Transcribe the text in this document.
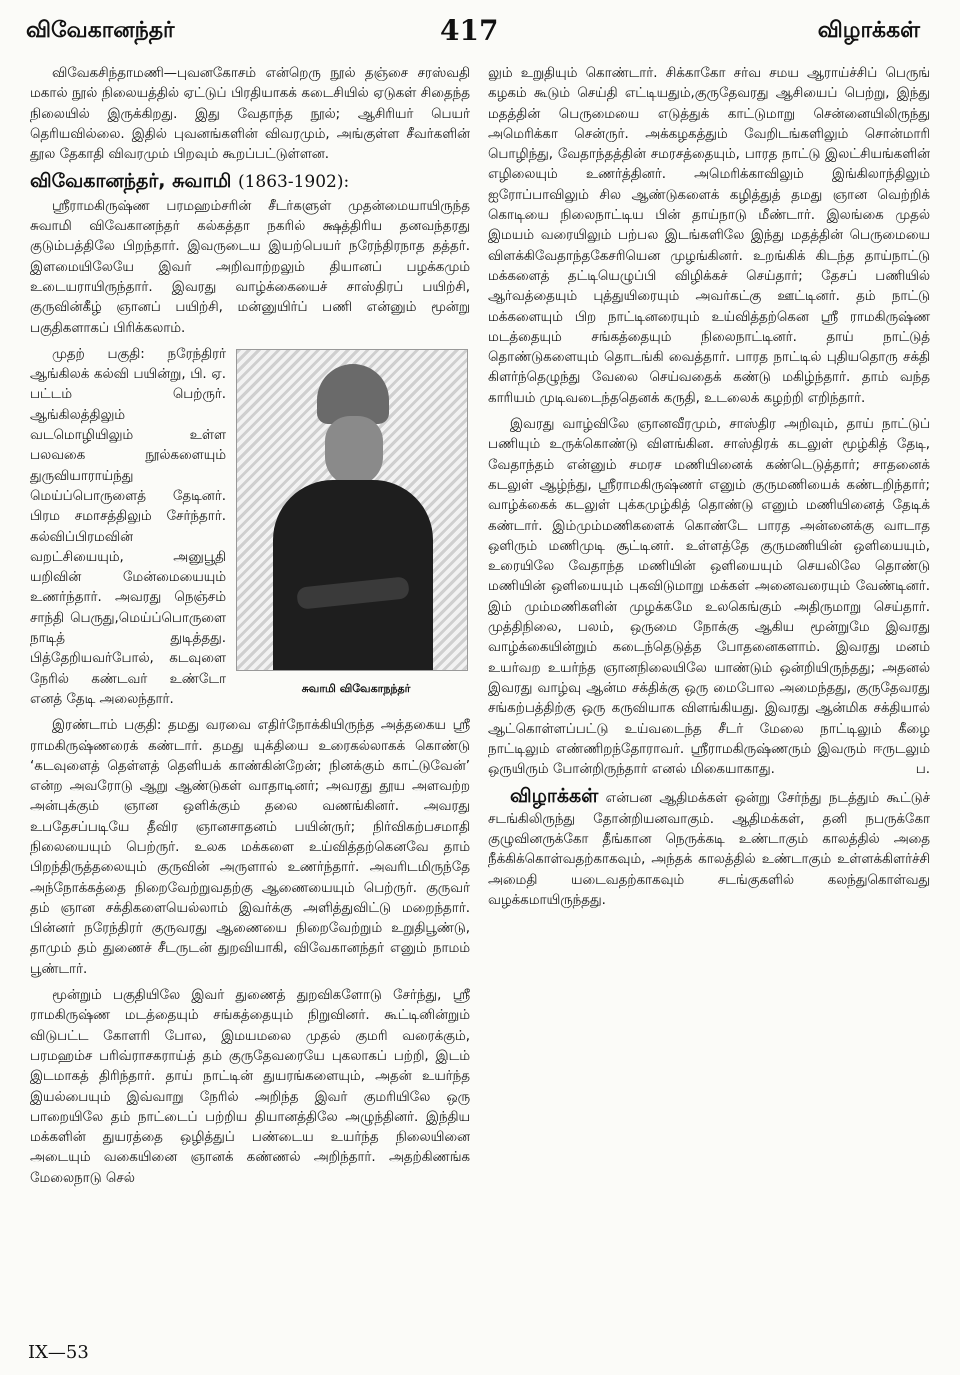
விவேகானந்தர்	417	விழாக்கள்

விவேகசிந்தாமணி—புவனகோசம் என்றெரு நூல் தஞ்சை சரஸ்வதி மகால் நூல் நிலையத்தில் ஏட்டுப் பிரதியாகக் கடைசியில் ஏடுகள் சிதைந்த நிலையில் இருக்கிறது. இது வேதாந்த நூல்; ஆசிரியர் பெயர் தெரியவில்லை. இதில் புவனங்களின் விவரமும், அங்குள்ள சீவர்களின் தூல தேகாதி விவரமும் பிறவும் கூறப்பட்டுள்ளன.

விவேகானந்தர், சுவாமி (1863-1902):

ஸ்ரீராமகிருஷ்ண பரமஹம்சரின் சீடர்களுள் முதன்மையாயிருந்த சுவாமி விவேகானந்தர் கல்கத்தா நகரில் க்ஷத்திரிய தனவந்தரது குடும்பத்திலே பிறந்தார். இவருடைய இயற்பெயர் நரேந்திரநாத தத்தர். இளமையிலேயே இவர் அறிவாற்றலும் தியானப் பழக்கமும் உடையராயிருந்தார். இவரது வாழ்க்கையைச் சாஸ்திரப் பயிற்சி, குருவின்கீழ் ஞானப் பயிற்சி, மன்னுயிர்ப் பணி என்னும் மூன்று பகுதிகளாகப் பிரிக்கலாம்.

சுவாமி விவேகாநந்தர்

முதற் பகுதி: நரேந்திரர் ஆங்கிலக் கல்வி பயின்று, பி. ஏ. பட்டம் பெற்ருர். ஆங்கிலத்திலும் வடமொழியிலும் உள்ள பலவகை நூல்களையும் துருவியாராய்ந்து மெய்ப்பொருளைத் தேடினர். பிரம சமாசத்திலும் சேர்ந்தார். கல்விப்பிரமவின் வறட்சியையும், அனுபூதி யறிவின் மேன்மையையும் உணர்ந்தார். அவரது நெஞ்சம் சாந்தி பெருது,மெய்ப்பொருளை நாடித் துடித்தது. பித்தேறியவர்போல், கடவுளை நேரில் கண்டவர் உண்டோ எனத் தேடி அலைந்தார்.

இரண்டாம் பகுதி: தமது வரவை எதிர்நோக்கியிருந்த அத்தகைய ஸ்ரீ ராமகிருஷ்ணரைக் கண்டார். தமது யுக்தியை உரைகல்லாகக் கொண்டு ‘கடவுளைத் தெள்ளத் தெளியக் காண்கின்றேன்; நினக்கும் காட்டுவேன்’ என்ற அவரோடு ஆறு ஆண்டுகள் வாதாடினர்; அவரது தூய அளவற்ற அன்புக்கும் ஞான ஒளிக்கும் தலை வணங்கினர். அவரது உபதேசப்படியே தீவிர ஞானசாதனம் பயின்ருர்; நிர்விகற்பசமாதி நிலையையும் பெற்ருர். உலக மக்களை உய்வித்தற்கெனவே தாம் பிறந்திருத்தலையும் குருவின் அருளால் உணர்ந்தார். அவரிடமிருந்தே அந்நோக்கத்தை நிறைவேற்றுவதற்கு ஆணையையும் பெற்ருர். குருவர் தம் ஞான சக்திகளையெல்லாம் இவர்க்கு அளித்துவிட்டு மறைந்தார். பின்னர் நரேந்திரர் குருவரது ஆணையை நிறைவேற்றும் உறுதிபூண்டு, தாமும் தம் துணைச் சீடருடன் துறவியாகி, விவேகானந்தர் எனும் நாமம் பூண்டார்.

மூன்றும் பகுதியிலே இவர் துணைத் துறவிகளோடு சேர்ந்து, ஸ்ரீ ராமகிருஷ்ண மடத்தையும் சங்கத்தையும் நிறுவினர். கூட்டினின்றும் விடுபட்ட கோளரி போல, இமயமலை முதல் குமரி வரைக்கும், பரமஹம்ச பரிவ்ராசகராய்த் தம் குருதேவரையே புகலாகப் பற்றி, இடம் இடமாகத் திரிந்தார். தாய் நாட்டின் துயரங்களையும், அதன் உயர்ந்த இயல்பையும் இவ்வாறு நேரில் அறிந்த இவர் குமரியிலே ஒரு பாறையிலே தம் நாட்டைப் பற்றிய தியானத்திலே அழுந்தினர். இந்திய மக்களின் துயரத்தை ஒழித்துப் பண்டைய உயர்ந்த நிலையினை அடையும் வகையினை ஞானக் கண்ணல் அறிந்தார். அதற்கிணங்க மேலைநாடு செல்

லும் உறுதியும் கொண்டார். சிக்காகோ சர்வ சமய ஆராய்ச்சிப் பெருங் கழகம் கூடும் செய்தி எட்டியதும்,குருதேவரது ஆசியைப் பெற்று, இந்து மதத்தின் பெருமையை எடுத்துக் காட்டுமாறு சென்னையிலிருந்து அமெரிக்கா சென்ருர். அக்கழகத்தும் வேறிடங்களிலும் சொன்மாரி பொழிந்து, வேதாந்தத்தின் சமரசத்தையும், பாரத நாட்டு இலட்சியங்களின் எழிலையும் உணர்த்தினர். அமெரிக்காவிலும் இங்கிலாந்திலும் ஐரோப்பாவிலும் சில ஆண்டுகளைக் கழித்துத் தமது ஞான வெற்றிக் கொடியை நிலைநாட்டிய பின் தாய்நாடு மீண்டார். இலங்கை முதல் இமயம் வரையிலும் பற்பல இடங்களிலே இந்து மதத்தின் பெருமையை விளக்கிவேதாந்தகேசரியென முழங்கினர். உறங்கிக் கிடந்த தாய்நாட்டு மக்களைத் தட்டியெழுப்பி விழிக்கச் செய்தார்; தேசப் பணியில் ஆர்வத்தையும் புத்துயிரையும் அவர்கட்கு ஊட்டினர். தம் நாட்டு மக்களையும் பிற நாட்டினரையும் உய்வித்தற்கென ஸ்ரீ ராமகிருஷ்ண மடத்தையும் சங்கத்தையும் நிலைநாட்டினர். தாய் நாட்டுத் தொண்டுகளையும் தொடங்கி வைத்தார். பாரத நாட்டில் புதியதொரு சக்தி கிளர்ந்தெழுந்து வேலை செய்வதைக் கண்டு மகிழ்ந்தார். தாம் வந்த காரியம் முடிவடைந்ததெனக் கருதி, உடலைக் கழற்றி எறிந்தார்.

இவரது வாழ்விலே ஞானவீரமும், சாஸ்திர அறிவும், தாய் நாட்டுப் பணியும் உருக்கொண்டு விளங்கின. சாஸ்திரக் கடலுள் மூழ்கித் தேடி, வேதாந்தம் என்னும் சமரச மணியினைக் கண்டெடுத்தார்; சாதனைக் கடலுள் ஆழ்ந்து, ஸ்ரீராமகிருஷ்ணர் எனும் குருமணியைக் கண்டறிந்தார்; வாழ்க்கைக் கடலுள் புக்கமுழ்கித் தொண்டு எனும் மணியினைத் தேடிக் கண்டார். இம்மும்மணிகளைக் கொண்டே பாரத அன்னைக்கு வாடாத ஒளிரும் மணிமுடி சூட்டினர். உள்ளத்தே குருமணியின் ஒளியையும், உரையிலே வேதாந்த மணியின் ஒளியையும் செயலிலே தொண்டு மணியின் ஒளியையும் புகவிடுமாறு மக்கள் அனைவரையும் வேண்டினர். இம் மும்மணிகளின் முழக்கமே உலகெங்கும் அதிருமாறு செய்தார். முத்திநிலை, பலம், ஒருமை நோக்கு ஆகிய மூன்றுமே இவரது வாழ்க்கையின்றும் கடைந்தெடுத்த போதனைகளாம். இவரது மனம் உயர்வற உயர்ந்த ஞானநிலையிலே யாண்டும் ஒன்றியிருந்தது; அதனல் இவரது வாழ்வு ஆன்ம சக்திக்கு ஒரு மைபோல அமைந்தது, குருதேவரது சங்கற்பத்திற்கு ஒரு கருவியாக விளங்கியது. இவரது ஆன்மிக சக்தியால் ஆட்கொள்ளப்பட்டு உய்வடைந்த சீடர் மேலை நாட்டிலும் கீழை நாட்டிலும் எண்ணிறந்தோராவர். ஸ்ரீராமகிருஷ்ணரும் இவரும் ஈருடலும் ஒருயிரும் போன்றிருந்தார் எனல் மிகையாகாது.	ப.

விழாக்கள் என்பன ஆதிமக்கள் ஒன்று சேர்ந்து நடத்தும் கூட்டுச் சடங்கிலிருந்து தோன்றியனவாகும். ஆதிமக்கள், தனி நபருக்கோ குழுவினருக்கோ தீங்கான நெருக்கடி உண்டாகும் காலத்தில் அதை நீக்கிக்கொள்வதற்காகவும், அந்தக் காலத்தில் உண்டாகும் உள்ளக்கிளர்ச்சி அமைதி யடைவதற்காகவும் சடங்குகளில் கலந்துகொள்வது வழக்கமாயிருந்தது.

IX—53
